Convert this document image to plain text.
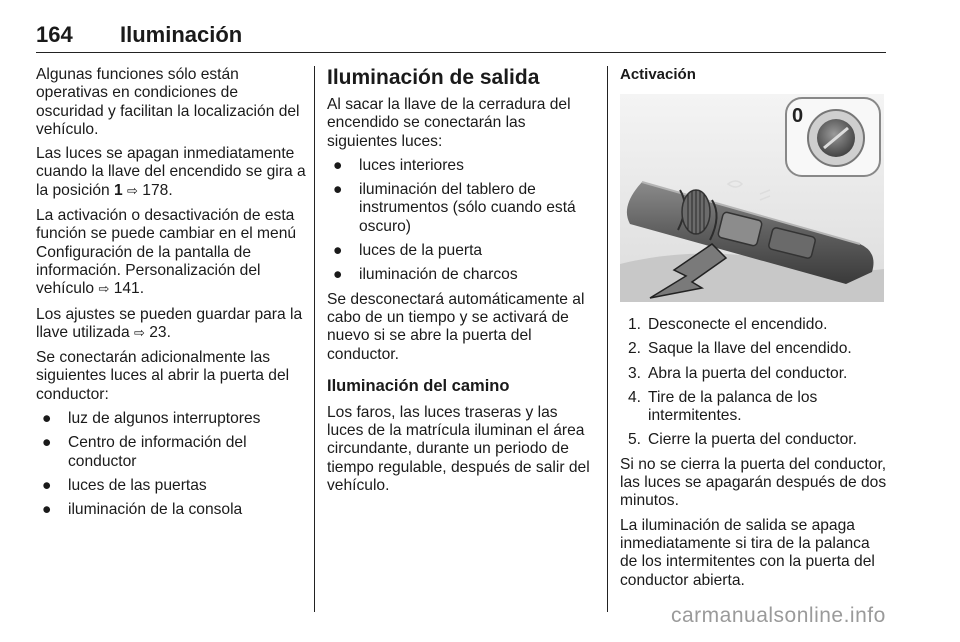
164 Iluminación

Algunas funciones sólo están operativas en condiciones de oscuridad y facilitan la localización del vehículo.

Las luces se apagan inmediatamente cuando la llave del encendido se gira a la posición 1 ⇨ 178.

La activación o desactivación de esta función se puede cambiar en el menú Configuración de la pantalla de información. Personalización del vehículo ⇨ 141.

Los ajustes se pueden guardar para la llave utilizada ⇨ 23.

Se conectarán adicionalmente las siguientes luces al abrir la puerta del conductor:

● luz de algunos interruptores
● Centro de información del conductor
● luces de las puertas
● iluminación de la consola
Iluminación de salida

Al sacar la llave de la cerradura del encendido se conectarán las siguientes luces:

● luces interiores
● iluminación del tablero de instrumentos (sólo cuando está oscuro)
● luces de la puerta
● iluminación de charcos

Se desconectará automáticamente al cabo de un tiempo y se activará de nuevo si se abre la puerta del conductor.

Iluminación del camino

Los faros, las luces traseras y las luces de la matrícula iluminan el área circundante, durante un periodo de tiempo regulable, después de salir del vehículo.

Activación
0
1. Desconecte el encendido.
2. Saque la llave del encendido.
3. Abra la puerta del conductor.
4. Tire de la palanca de los intermitentes.
5. Cierre la puerta del conductor.

Si no se cierra la puerta del conductor, las luces se apagarán después de dos minutos.

La iluminación de salida se apaga inmediatamente si tira de la palanca de los intermitentes con la puerta del conductor abierta.

carmanualsonline.info
